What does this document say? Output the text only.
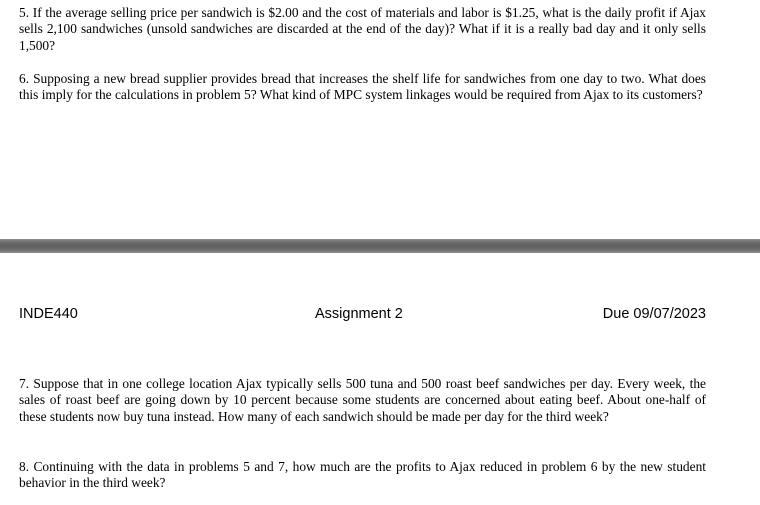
5. If the average selling price per sandwich is $2.00 and the cost of materials and labor is $1.25, what is the daily profit if Ajax sells 2,100 sandwiches (unsold sandwiches are discarded at the end of the day)? What if it is a really bad day and it only sells 1,500?

6. Supposing a new bread supplier provides bread that increases the shelf life for sandwiches from one day to two. What does this imply for the calculations in problem 5? What kind of MPC system linkages would be required from Ajax to its customers?

INDE440	Assignment 2	Due 09/07/2023

7. Suppose that in one college location Ajax typically sells 500 tuna and 500 roast beef sandwiches per day. Every week, the sales of roast beef are going down by 10 percent because some students are concerned about eating beef. About one-half of these students now buy tuna instead. How many of each sandwich should be made per day for the third week?

8. Continuing with the data in problems 5 and 7, how much are the profits to Ajax reduced in problem 6 by the new student behavior in the third week?
